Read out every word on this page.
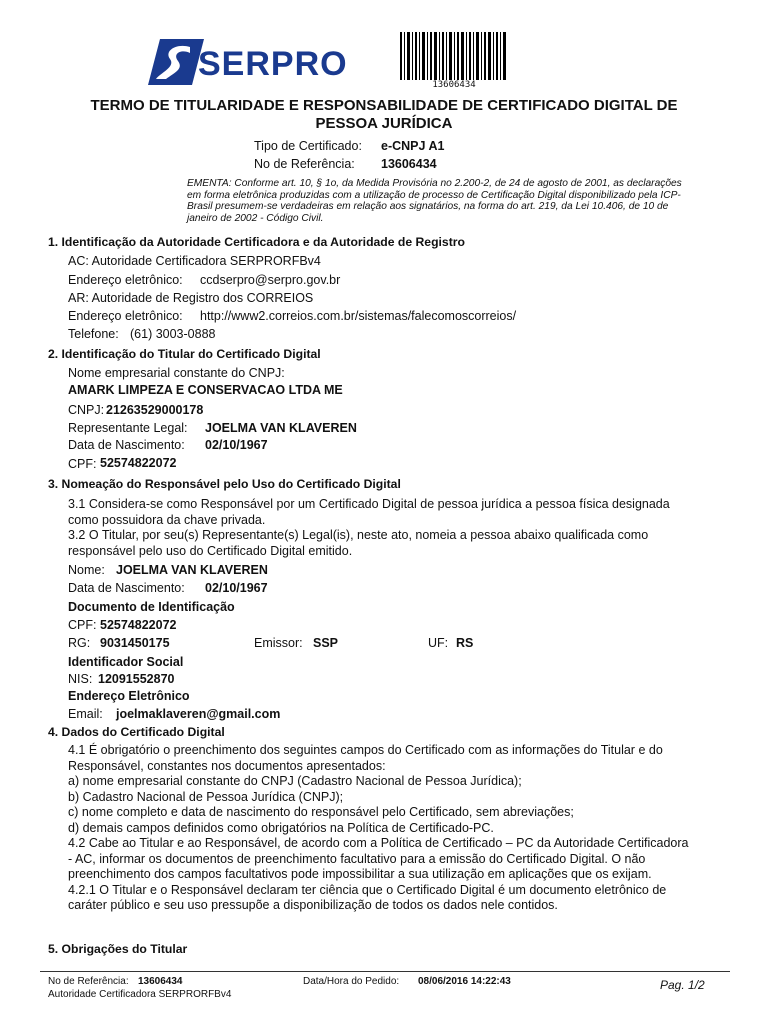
SERPRO
13606434
TERMO DE TITULARIDADE E RESPONSABILIDADE DE CERTIFICADO DIGITAL DE
PESSOA JURÍDICA
Tipo de Certificado: e-CNPJ A1
No de Referência: 13606434
EMENTA: Conforme art. 10, § 1o, da Medida Provisória no 2.200-2, de 24 de agosto de 2001, as declarações
em forma eletrônica produzidas com a utilização de processo de Certificação Digital disponibilizado pela ICP-
Brasil presumem-se verdadeiras em relação aos signatários, na forma do art. 219, da Lei 10.406, de 10 de
janeiro de 2002 - Código Civil.
1. Identificação da Autoridade Certificadora e da Autoridade de Registro
AC: Autoridade Certificadora SERPRORFBv4
Endereço eletrônico: ccdserpro@serpro.gov.br
AR: Autoridade de Registro dos CORREIOS
Endereço eletrônico: http://www2.correios.com.br/sistemas/falecomoscorreios/
Telefone: (61) 3003-0888
2. Identificação do Titular do Certificado Digital
Nome empresarial constante do CNPJ:
AMARK LIMPEZA E CONSERVACAO LTDA ME
CNPJ: 21263529000178
Representante Legal: JOELMA VAN KLAVEREN
Data de Nascimento: 02/10/1967
CPF: 52574822072
3. Nomeação do Responsável pelo Uso do Certificado Digital
3.1 Considera-se como Responsável por um Certificado Digital de pessoa jurídica a pessoa física designada
como possuidora da chave privada.
3.2 O Titular, por seu(s) Representante(s) Legal(is), neste ato, nomeia a pessoa abaixo qualificada como
responsável pelo uso do Certificado Digital emitido.
Nome: JOELMA VAN KLAVEREN
Data de Nascimento: 02/10/1967
Documento de Identificação
CPF: 52574822072
RG: 9031450175	Emissor: SSP	UF: RS
Identificador Social
NIS: 12091552870
Endereço Eletrônico
Email: joelmaklaveren@gmail.com
4. Dados do Certificado Digital
4.1 É obrigatório o preenchimento dos seguintes campos do Certificado com as informações do Titular e do
Responsável, constantes nos documentos apresentados:
a) nome empresarial constante do CNPJ (Cadastro Nacional de Pessoa Jurídica);
b) Cadastro Nacional de Pessoa Jurídica (CNPJ);
c) nome completo e data de nascimento do responsável pelo Certificado, sem abreviações;
d) demais campos definidos como obrigatórios na Política de Certificado-PC.
4.2 Cabe ao Titular e ao Responsável, de acordo com a Política de Certificado – PC da Autoridade Certificadora
- AC, informar os documentos de preenchimento facultativo para a emissão do Certificado Digital. O não
preenchimento dos campos facultativos pode impossibilitar a sua utilização em aplicações que os exijam.
4.2.1 O Titular e o Responsável declaram ter ciência que o Certificado Digital é um documento eletrônico de
caráter público e seu uso pressupõe a disponibilização de todos os dados nele contidos.
5. Obrigações do Titular
No de Referência: 13606434
Autoridade Certificadora SERPRORFBv4
Data/Hora do Pedido: 08/06/2016 14:22:43	Pag. 1/2
